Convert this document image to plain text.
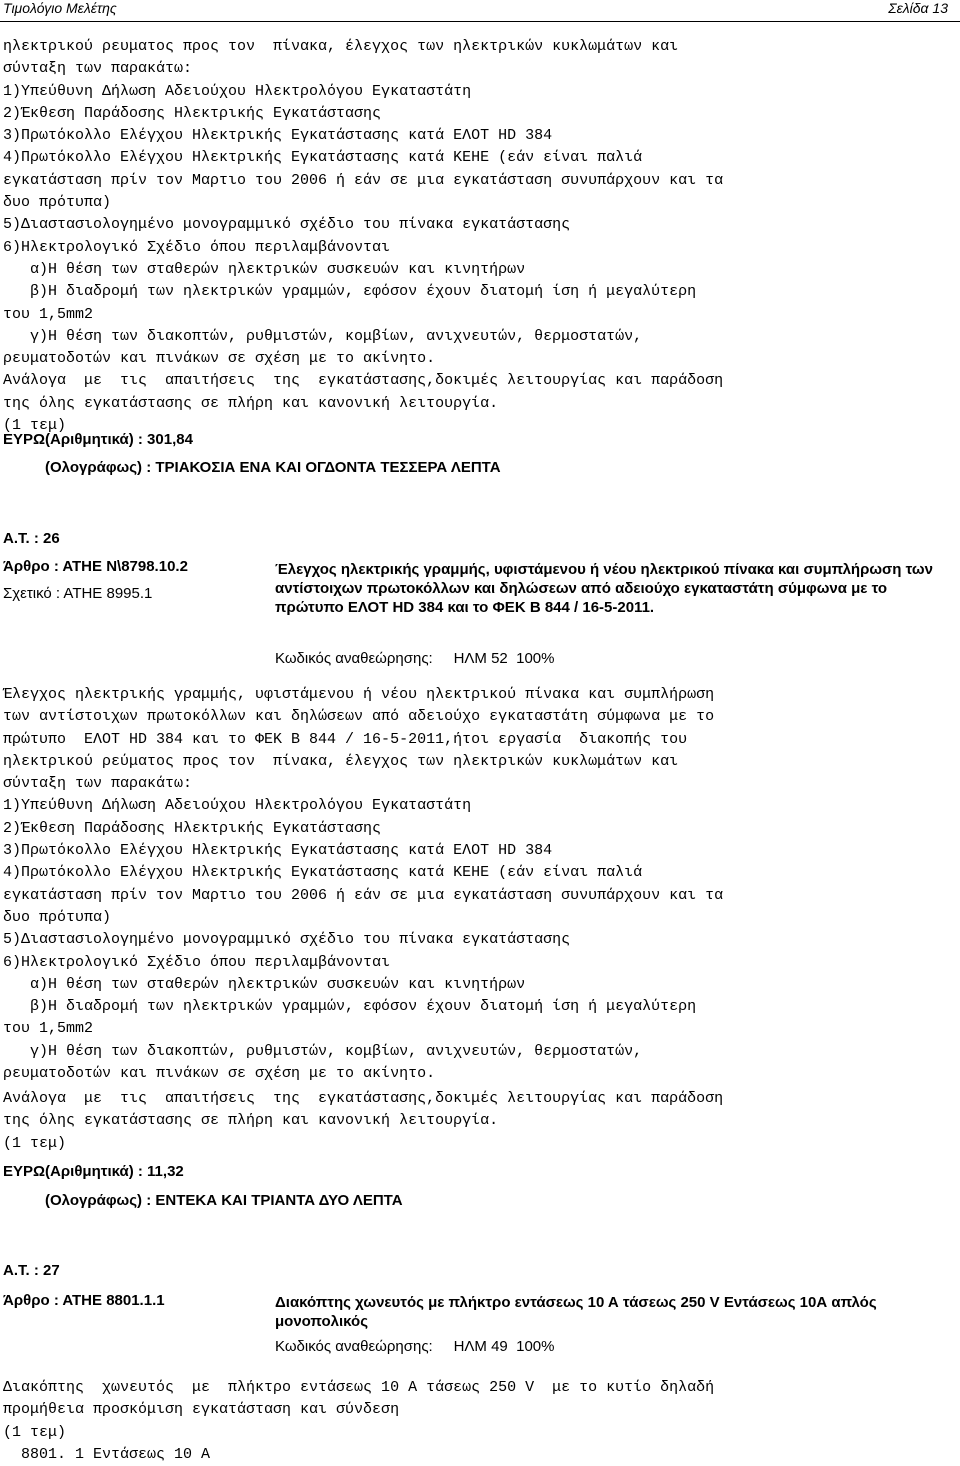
Τιμολόγιο Μελέτης	Σελίδα 13
ηλεκτρικού ρευματος προς τον  πίνακα, έλεγχος των ηλεκτρικών κυκλωμάτων και
σύνταξη των παρακάτω:
1)Υπεύθυνη Δήλωση Αδειούχου Ηλεκτρολόγου Εγκαταστάτη
2)Έκθεση Παράδοσης Ηλεκτρικής Εγκατάστασης
3)Πρωτόκολλο Ελέγχου Ηλεκτρικής Εγκατάστασης κατά ΕΛΟΤ HD 384
4)Πρωτόκολλο Ελέγχου Ηλεκτρικής Εγκατάστασης κατά ΚΕΗΕ (εάν είναι παλιά
εγκατάσταση πρίν τον Μαρτιο του 2006 ή εάν σε μια εγκατάσταση συνυπάρχουν και τα
δυο πρότυπα)
5)Διαστασιολογημένο μονογραμμικό σχέδιο του πίνακα εγκατάστασης
6)Ηλεκτρολογικό Σχέδιο όπου περιλαμβάνονται
α)Η θέση των σταθερών ηλεκτρικών συσκευών και κινητήρων
β)Η διαδρομή των ηλεκτρικών γραμμών, εφόσον έχουν διατομή ίση ή μεγαλύτερη
του 1,5mm2
γ)Η θέση των διακοπτών, ρυθμιστών, κομβίων, ανιχνευτών, θερμοστατών,
ρευματοδοτών και πινάκων σε σχέση με το ακίνητο.
Ανάλογα  με  τις  απαιτήσεις  της  εγκατάστασης,δοκιμές λειτουργίας και παράδοση
της όλης εγκατάστασης σε πλήρη και κανονική λειτουργία.
(1 τεμ)
ΕΥΡΩ(Αριθμητικά) : 301,84
(Ολογράφως) : ΤΡΙΑΚΟΣΙΑ ΕΝΑ ΚΑΙ ΟΓΔΟΝΤΑ ΤΕΣΣΕΡΑ ΛΕΠΤΑ
Α.Τ. : 26
Άρθρο : ΑΤΗΕ Ν\8798.10.2
Σχετικό : ΑΤΗΕ 8995.1
Έλεγχος ηλεκτρικής γραμμής, υφιστάμενου ή νέου ηλεκτρικού πίνακα και συμπλήρωση των αντίστοιχων πρωτοκόλλων και δηλώσεων από αδειούχο εγκαταστάτη σύμφωνα με το πρώτυπο ΕΛΟΤ HD 384 και το ΦΕΚ Β 844 / 16-5-2011.
Κωδικός αναθεώρησης:     ΗΛΜ 52  100%
Έλεγχος ηλεκτρικής γραμμής, υφιστάμενου ή νέου ηλεκτρικού πίνακα και συμπλήρωση
των αντίστοιχων πρωτοκόλλων και δηλώσεων από αδειούχο εγκαταστάτη σύμφωνα με το
πρώτυπο  ΕΛΟΤ HD 384 και το ΦΕΚ Β 844 / 16-5-2011,ήτοι εργασία  διακοπής του
ηλεκτρικού ρεύματος προς τον  πίνακα, έλεγχος των ηλεκτρικών κυκλωμάτων και
σύνταξη των παρακάτω:
1)Υπεύθυνη Δήλωση Αδειούχου Ηλεκτρολόγου Εγκαταστάτη
2)Έκθεση Παράδοσης Ηλεκτρικής Εγκατάστασης
3)Πρωτόκολλο Ελέγχου Ηλεκτρικής Εγκατάστασης κατά ΕΛΟΤ HD 384
4)Πρωτόκολλο Ελέγχου Ηλεκτρικής Εγκατάστασης κατά ΚΕΗΕ (εάν είναι παλιά
εγκατάσταση πρίν τον Μαρτιο του 2006 ή εάν σε μια εγκατάσταση συνυπάρχουν και τα
δυο πρότυπα)
5)Διαστασιολογημένο μονογραμμικό σχέδιο του πίνακα εγκατάστασης
6)Ηλεκτρολογικό Σχέδιο όπου περιλαμβάνονται
α)Η θέση των σταθερών ηλεκτρικών συσκευών και κινητήρων
β)Η διαδρομή των ηλεκτρικών γραμμών, εφόσον έχουν διατομή ίση ή μεγαλύτερη
του 1,5mm2
γ)Η θέση των διακοπτών, ρυθμιστών, κομβίων, ανιχνευτών, θερμοστατών,
ρευματοδοτών και πινάκων σε σχέση με το ακίνητο.
Ανάλογα  με  τις  απαιτήσεις  της  εγκατάστασης,δοκιμές λειτουργίας και παράδοση
της όλης εγκατάστασης σε πλήρη και κανονική λειτουργία.
(1 τεμ)
ΕΥΡΩ(Αριθμητικά) : 11,32
(Ολογράφως) : ΕΝΤΕΚΑ ΚΑΙ ΤΡΙΑΝΤΑ ΔΥΟ ΛΕΠΤΑ
Α.Τ. : 27
Άρθρο : ΑΤΗΕ 8801.1.1	Διακόπτης χωνευτός με πλήκτρο εντάσεως 10 Α τάσεως 250 V Εντάσεως 10Α απλός μονοπολικός
Κωδικός αναθεώρησης:     ΗΛΜ 49  100%
Διακόπτης  χωνευτός  με  πλήκτρο εντάσεως 10 Α τάσεως 250 V  με το κυτίο δηλαδή
προμήθεια προσκόμιση εγκατάσταση και σύνδεση
(1 τεμ)
8801. 1 Εντάσεως 10 Α
